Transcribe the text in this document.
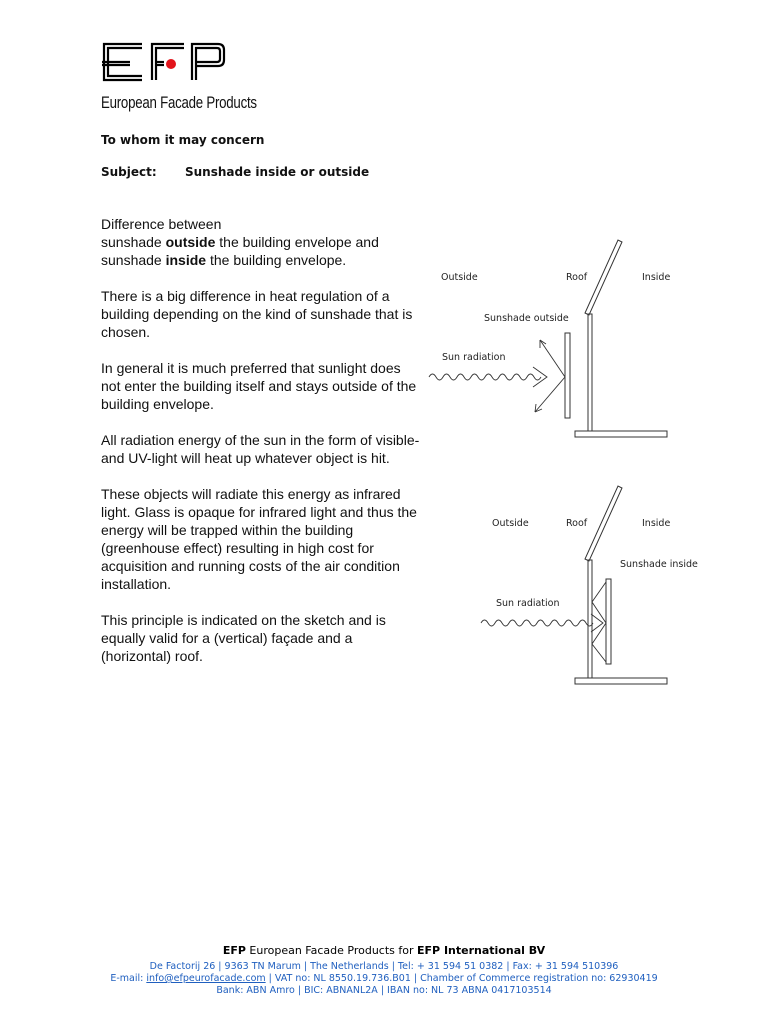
European Facade Products
To whom it may concern
Subject: Sunshade inside or outside

Difference between
sunshade outside the building envelope and
sunshade inside the building envelope.

There is a big difference in heat regulation of a building depending on the kind of sunshade that is chosen.

In general it is much preferred that sunlight does not enter the building itself and stays outside of the building envelope.

All radiation energy of the sun in the form of visible- and UV-light will heat up whatever object is hit.

These objects will radiate this energy as infrared light. Glass is opaque for infrared light and thus the energy will be trapped within the building (greenhouse effect) resulting in high cost for acquisition and running costs of the air condition installation.

This principle is indicated on the sketch and is equally valid for a (vertical) façade and a (horizontal) roof.

Outside	Roof	Inside
Sunshade outside
Sun radiation
Outside	Roof	Inside
Sunshade inside
Sun radiation
EFP European Facade Products for EFP International BV
De Factorij 26 | 9363 TN Marum | The Netherlands | Tel: + 31 594 51 0382 | Fax: + 31 594 510396
E-mail: info@efpeurofacade.com | VAT no: NL 8550.19.736.B01 | Chamber of Commerce registration no: 62930419
Bank: ABN Amro | BIC: ABNANL2A | IBAN no: NL 73 ABNA 0417103514
